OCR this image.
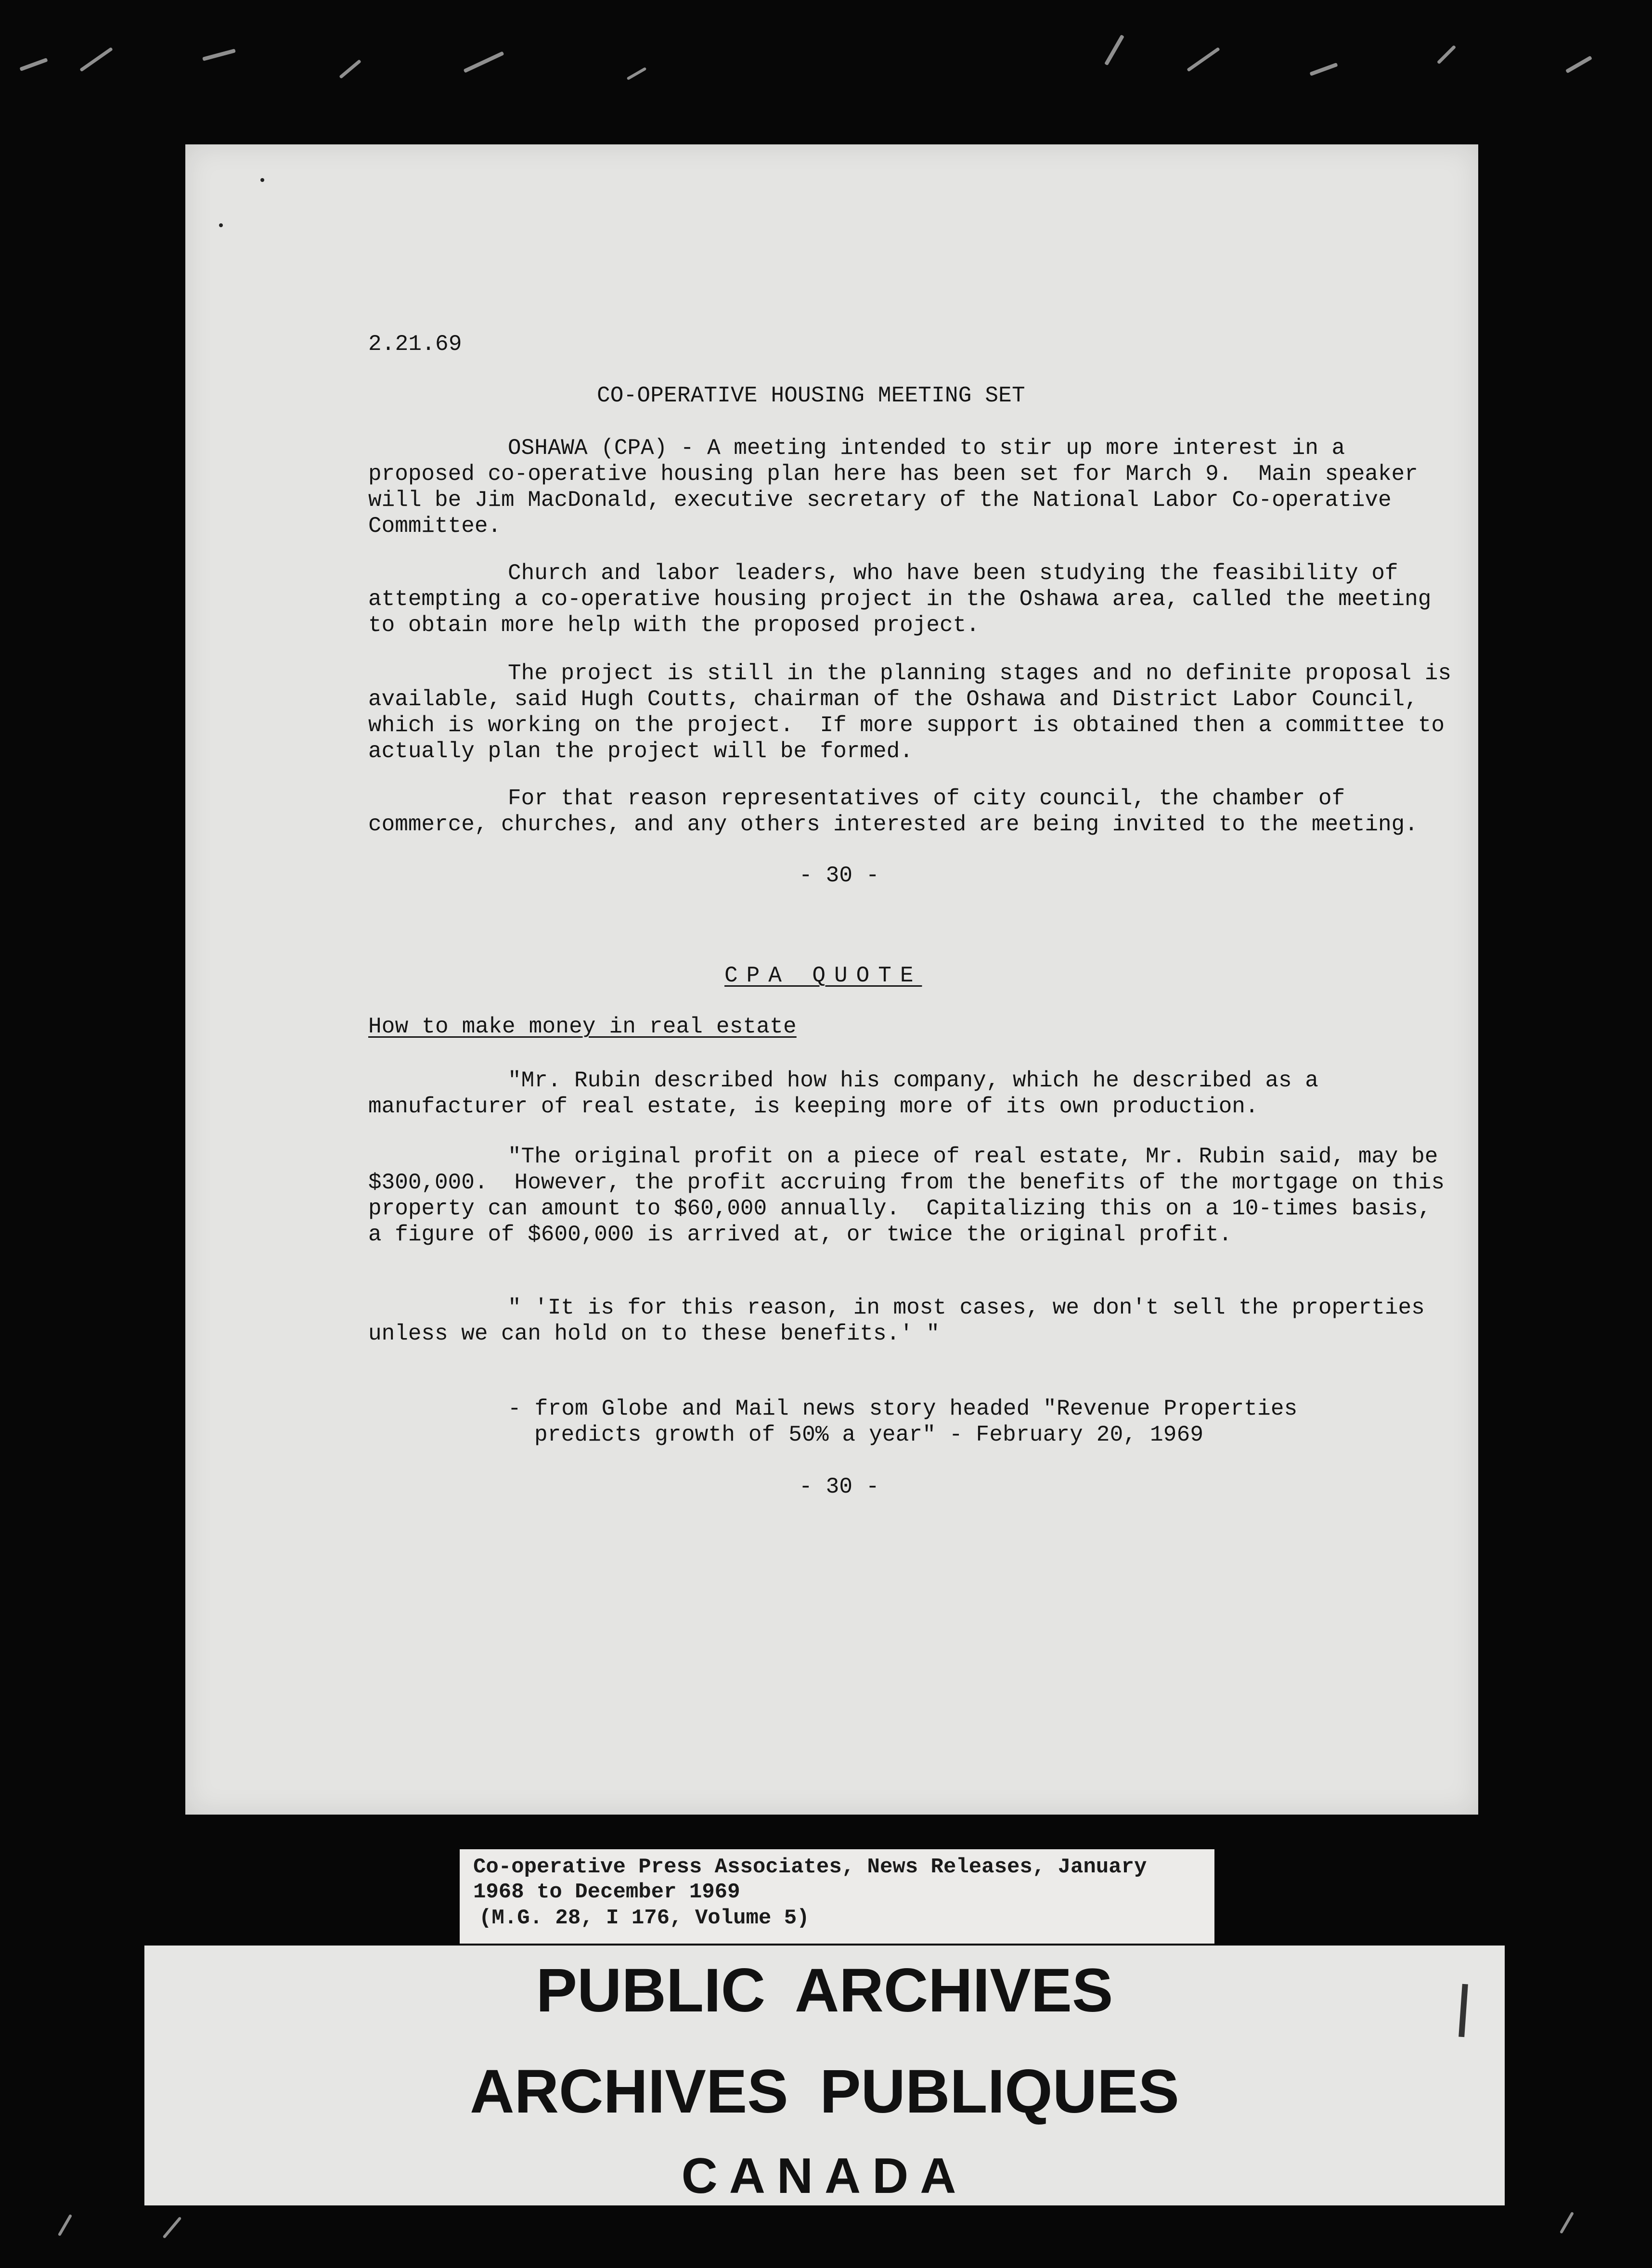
2.21.69
CO-OPERATIVE HOUSING MEETING SET
OSHAWA (CPA) - A meeting intended to stir up more interest in a proposed co-operative housing plan here has been set for March 9.  Main speaker will be Jim MacDonald, executive secretary of the National Labor Co-operative Committee.
Church and labor leaders, who have been studying the feasibility of attempting a co-operative housing project in the Oshawa area, called the meeting to obtain more help with the proposed project.
The project is still in the planning stages and no definite proposal is available, said Hugh Coutts, chairman of the Oshawa and District Labor Council, which is working on the project.  If more support is obtained then a committee to actually plan the project will be formed.
For that reason representatives of city council, the chamber of commerce, churches, and any others interested are being invited to the meeting.
- 30 -
CPA QUOTE
How to make money in real estate
"Mr. Rubin described how his company, which he described as a manufacturer of real estate, is keeping more of its own production.
"The original profit on a piece of real estate, Mr. Rubin said, may be $300,000.  However, the profit accruing from the benefits of the mortgage on this property can amount to $60,000 annually.  Capitalizing this on a 10-times basis, a figure of $600,000 is arrived at, or twice the original profit.
" 'It is for this reason, in most cases, we don't sell the properties unless we can hold on to these benefits.' "
- from Globe and Mail news story headed "Revenue Properties
predicts growth of 50% a year" - February 20, 1969
- 30 -
Co-operative Press Associates, News Releases, January
1968 to December 1969
(M.G. 28, I 176, Volume 5)
PUBLIC ARCHIVES
ARCHIVES PUBLIQUES
CANADA
